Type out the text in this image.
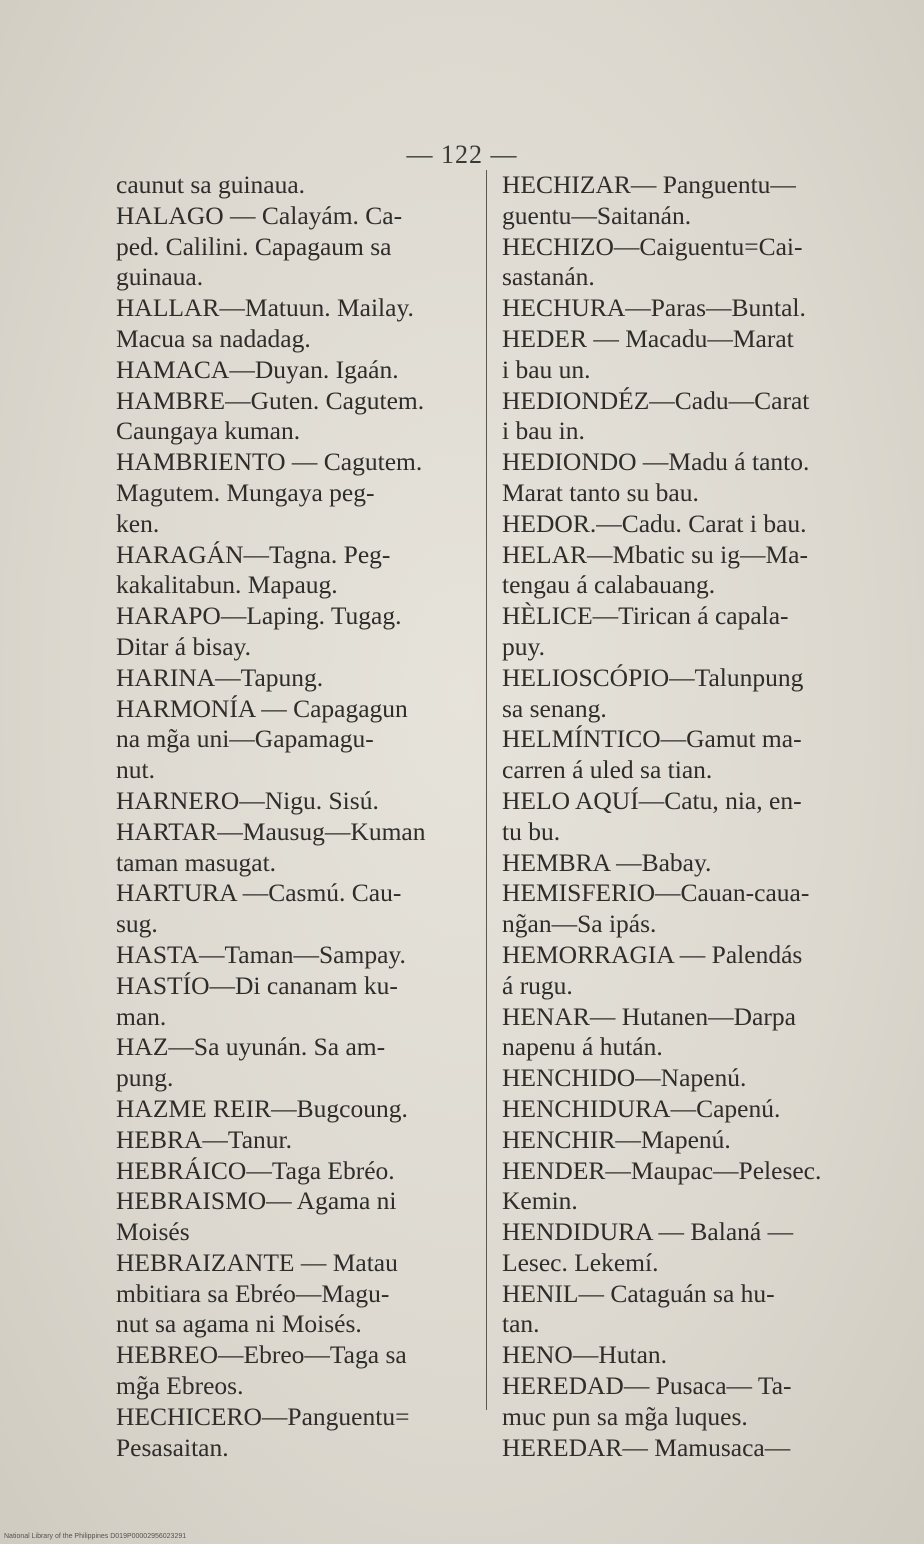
— 122 —
caunut sa guinaua.
HALAGO — Calayám. Ca-
ped. Calilini. Capagaum sa
guinaua.
HALLAR—Matuun. Mailay.
Macua sa nadadag.
HAMACA—Duyan. Igaán.
HAMBRE—Guten. Cagutem.
Caungaya kuman.
HAMBRIENTO — Cagutem.
Magutem. Mungaya peg-
ken.
HARAGÁN—Tagna. Peg-
kakalitabun. Mapaug.
HARAPO—Laping. Tugag.
Ditar á bisay.
HARINA—Tapung.
HARMONÍA — Capagagun
na mg̃a uni—Gapamagu-
nut.
HARNERO—Nigu. Sisú.
HARTAR—Mausug—Kuman
taman masugat.
HARTURA —Casmú. Cau-
sug.
HASTA—Taman—Sampay.
HASTÍO—Di cananam ku-
man.
HAZ—Sa uyunán. Sa am-
pung.
HAZME REIR—Bugcoung.
HEBRA—Tanur.
HEBRÁICO—Taga Ebréo.
HEBRAISMO— Agama ni
Moisés
HEBRAIZANTE — Matau
mbitiara sa Ebréo—Magu-
nut sa agama ni Moisés.
HEBREO—Ebreo—Taga sa
mg̃a Ebreos.
HECHICERO—Panguentu=
Pesasaitan.
HECHIZAR— Panguentu—
guentu—Saitanán.
HECHIZO—Caiguentu=Cai-
sastanán.
HECHURA—Paras—Buntal.
HEDER — Macadu—Marat
i bau un.
HEDIONDÉZ—Cadu—Carat
i bau in.
HEDIONDO —Madu á tanto.
Marat tanto su bau.
HEDOR.—Cadu. Carat i bau.
HELAR—Mbatic su ig—Ma-
tengau á calabauang.
HÈLICE—Tirican á capala-
puy.
HELIOSCÓPIO—Talunpung
sa senang.
HELMÍNTICO—Gamut ma-
carren á uled sa tian.
HELO AQUÍ—Catu, nia, en-
tu bu.
HEMBRA —Babay.
HEMISFERIO—Cauan-caua-
ng̃an—Sa ipás.
HEMORRAGIA — Palendás
á rugu.
HENAR— Hutanen—Darpa
napenu á hután.
HENCHIDO—Napenú.
HENCHIDURA—Capenú.
HENCHIR—Mapenú.
HENDER—Maupac—Pelesec.
Kemin.
HENDIDURA — Balaná —
Lesec. Lekemí.
HENIL— Cataguán sa hu-
tan.
HENO—Hutan.
HEREDAD— Pusaca— Ta-
muc pun sa mg̃a luques.
HEREDAR— Mamusaca—
National Library of the Philippines D019P00002956023291
